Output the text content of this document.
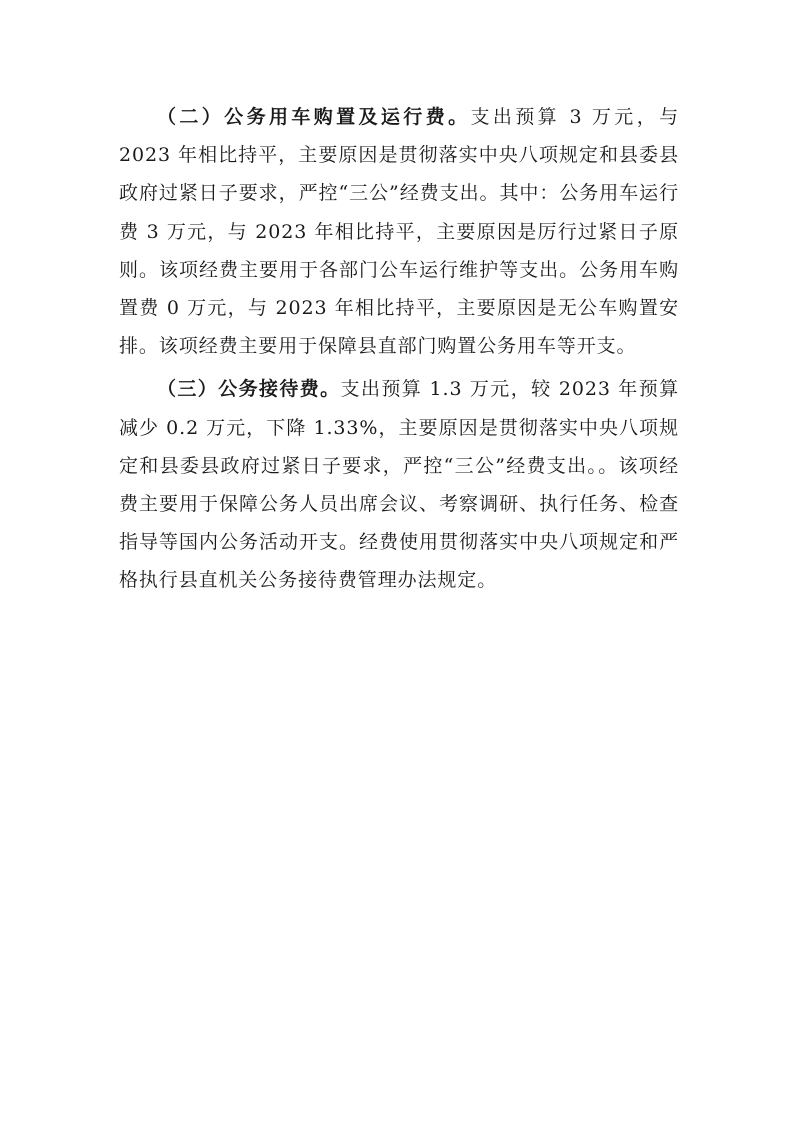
（二）公务用车购置及运行费。支出预算 3 万元，与 2023 年相比持平，主要原因是贯彻落实中央八项规定和县委县政府过紧日子要求，严控“三公”经费支出。其中：公务用车运行费 3 万元，与 2023 年相比持平，主要原因是厉行过紧日子原则。该项经费主要用于各部门公车运行维护等支出。公务用车购置费 0 万元，与 2023 年相比持平，主要原因是无公车购置安排。该项经费主要用于保障县直部门购置公务用车等开支。

（三）公务接待费。支出预算 1.3 万元，较 2023 年预算减少 0.2 万元，下降 1.33%，主要原因是贯彻落实中央八项规定和县委县政府过紧日子要求，严控“三公”经费支出。。该项经费主要用于保障公务人员出席会议、考察调研、执行任务、检查指导等国内公务活动开支。经费使用贯彻落实中央八项规定和严格执行县直机关公务接待费管理办法规定。
